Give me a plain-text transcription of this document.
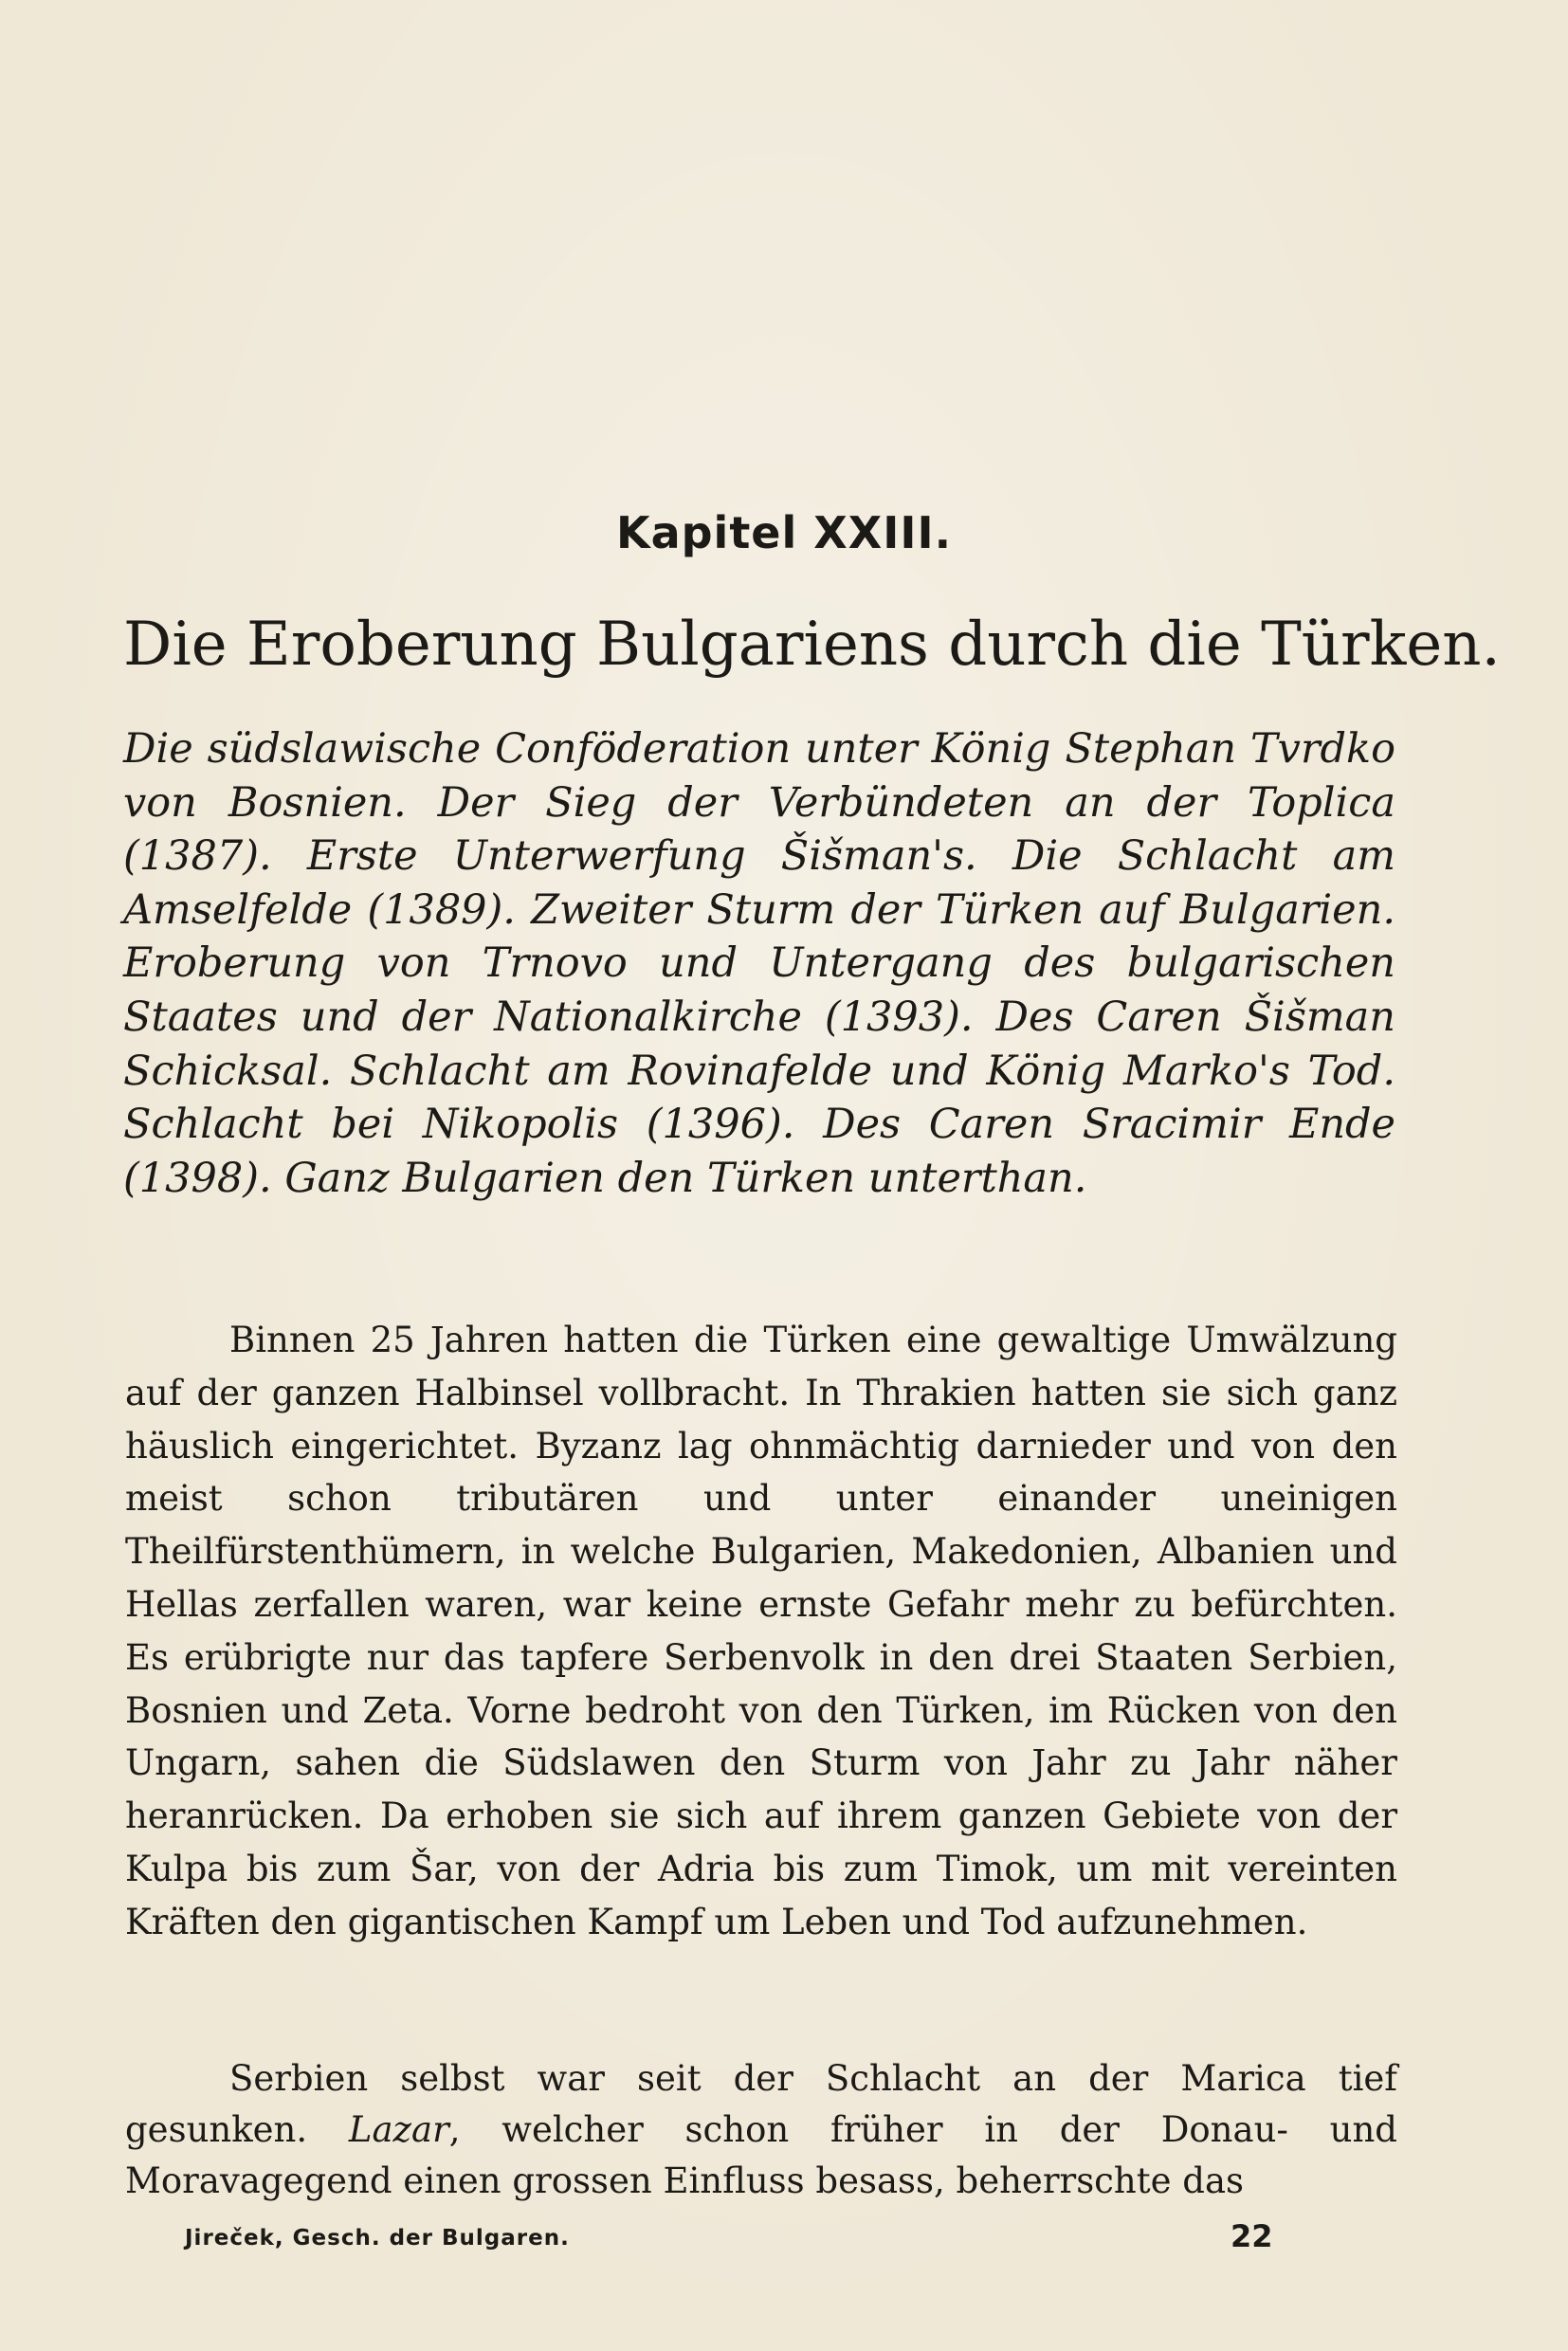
Kapitel XXIII.
Die Eroberung Bulgariens durch die Türken.
Die südslawische Conföderation unter König Stephan Tvrdko von Bosnien. Der Sieg der Verbündeten an der Toplica (1387). Erste Unterwerfung Šišman's. Die Schlacht am Amselfelde (1389). Zweiter Sturm der Türken auf Bulgarien. Eroberung von Trnovo und Untergang des bulgarischen Staates und der Nationalkirche (1393). Des Caren Šišman Schicksal. Schlacht am Rovinafelde und König Marko's Tod. Schlacht bei Nikopolis (1396). Des Caren Sracimir Ende (1398). Ganz Bulgarien den Türken unterthan.
Binnen 25 Jahren hatten die Türken eine gewaltige Umwälzung auf der ganzen Halbinsel vollbracht. In Thrakien hatten sie sich ganz häuslich eingerichtet. Byzanz lag ohnmächtig darnieder und von den meist schon tributären und unter einander uneinigen Theilfürstenthümern, in welche Bulgarien, Makedonien, Albanien und Hellas zerfallen waren, war keine ernste Gefahr mehr zu befürchten. Es erübrigte nur das tapfere Serbenvolk in den drei Staaten Serbien, Bosnien und Zeta. Vorne bedroht von den Türken, im Rücken von den Ungarn, sahen die Südslawen den Sturm von Jahr zu Jahr näher heranrücken. Da erhoben sie sich auf ihrem ganzen Gebiete von der Kulpa bis zum Šar, von der Adria bis zum Timok, um mit vereinten Kräften den gigantischen Kampf um Leben und Tod aufzunehmen.
Serbien selbst war seit der Schlacht an der Marica tief gesunken. Lazar, welcher schon früher in der Donau- und Moravagegend einen grossen Einfluss besass, beherrschte das
Jireček, Gesch. der Bulgaren.	22
